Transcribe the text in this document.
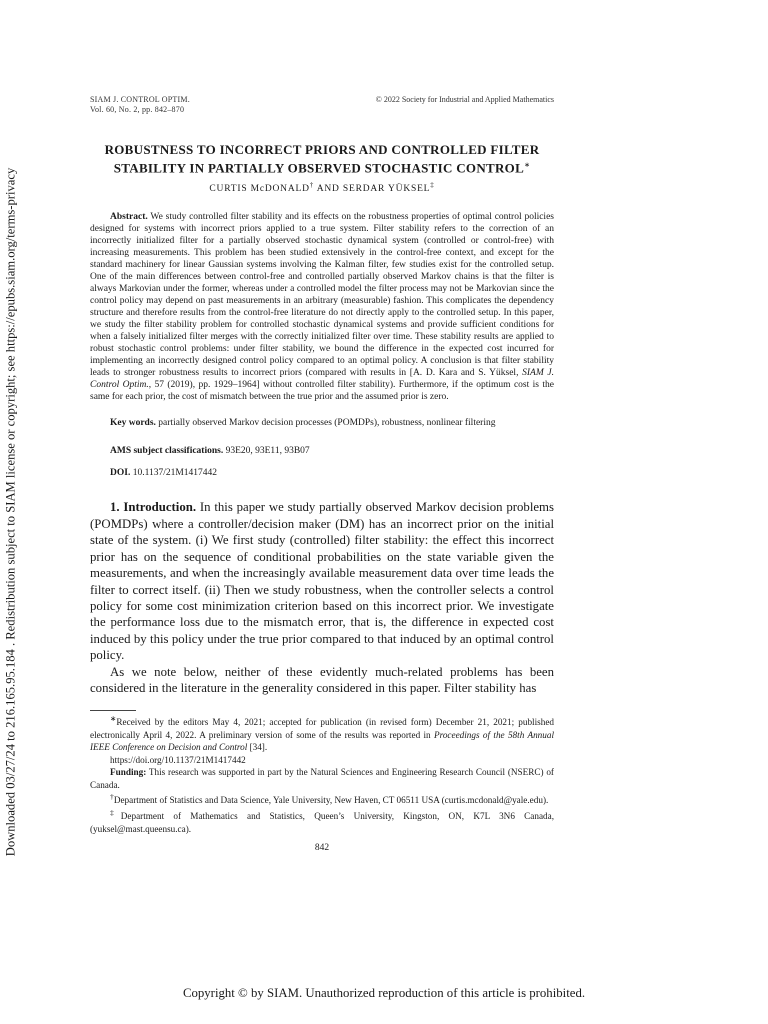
Downloaded 03/27/24 to 216.165.95.184 . Redistribution subject to SIAM license or copyright; see https://epubs.siam.org/terms-privacy
SIAM J. CONTROL OPTIM.
Vol. 60, No. 2, pp. 842–870
© 2022 Society for Industrial and Applied Mathematics
ROBUSTNESS TO INCORRECT PRIORS AND CONTROLLED FILTER STABILITY IN PARTIALLY OBSERVED STOCHASTIC CONTROL∗
CURTIS McDONALD† AND SERDAR YÜKSEL‡
Abstract. We study controlled filter stability and its effects on the robustness properties of optimal control policies designed for systems with incorrect priors applied to a true system. Filter stability refers to the correction of an incorrectly initialized filter for a partially observed stochastic dynamical system (controlled or control-free) with increasing measurements. This problem has been studied extensively in the control-free context, and except for the standard machinery for linear Gaussian systems involving the Kalman filter, few studies exist for the controlled setup. One of the main differences between control-free and controlled partially observed Markov chains is that the filter is always Markovian under the former, whereas under a controlled model the filter process may not be Markovian since the control policy may depend on past measurements in an arbitrary (measurable) fashion. This complicates the dependency structure and therefore results from the control-free literature do not directly apply to the controlled setup. In this paper, we study the filter stability problem for controlled stochastic dynamical systems and provide sufficient conditions for when a falsely initialized filter merges with the correctly initialized filter over time. These stability results are applied to robust stochastic control problems: under filter stability, we bound the difference in the expected cost incurred for implementing an incorrectly designed control policy compared to an optimal policy. A conclusion is that filter stability leads to stronger robustness results to incorrect priors (compared with results in [A. D. Kara and S. Yüksel, SIAM J. Control Optim., 57 (2019), pp. 1929–1964] without controlled filter stability). Furthermore, if the optimum cost is the same for each prior, the cost of mismatch between the true prior and the assumed prior is zero.
Key words. partially observed Markov decision processes (POMDPs), robustness, nonlinear filtering
AMS subject classifications. 93E20, 93E11, 93B07
DOI. 10.1137/21M1417442

1. Introduction. In this paper we study partially observed Markov decision problems (POMDPs) where a controller/decision maker (DM) has an incorrect prior on the initial state of the system. (i) We first study (controlled) filter stability: the effect this incorrect prior has on the sequence of conditional probabilities on the state variable given the measurements, and when the increasingly available measurement data over time leads the filter to correct itself. (ii) Then we study robustness, when the controller selects a control policy for some cost minimization criterion based on this incorrect prior. We investigate the performance loss due to the mismatch error, that is, the difference in expected cost induced by this policy under the true prior compared to that induced by an optimal control policy.

As we note below, neither of these evidently much-related problems has been considered in the literature in the generality considered in this paper. Filter stability has

∗Received by the editors May 4, 2021; accepted for publication (in revised form) December 21, 2021; published electronically April 4, 2022. A preliminary version of some of the results was reported in Proceedings of the 58th Annual IEEE Conference on Decision and Control [34].

https://doi.org/10.1137/21M1417442

Funding: This research was supported in part by the Natural Sciences and Engineering Research Council (NSERC) of Canada.

†Department of Statistics and Data Science, Yale University, New Haven, CT 06511 USA (curtis.mcdonald@yale.edu).

‡Department of Mathematics and Statistics, Queen’s University, Kingston, ON, K7L 3N6 Canada, (yuksel@mast.queensu.ca).

842
Copyright © by SIAM. Unauthorized reproduction of this article is prohibited.
